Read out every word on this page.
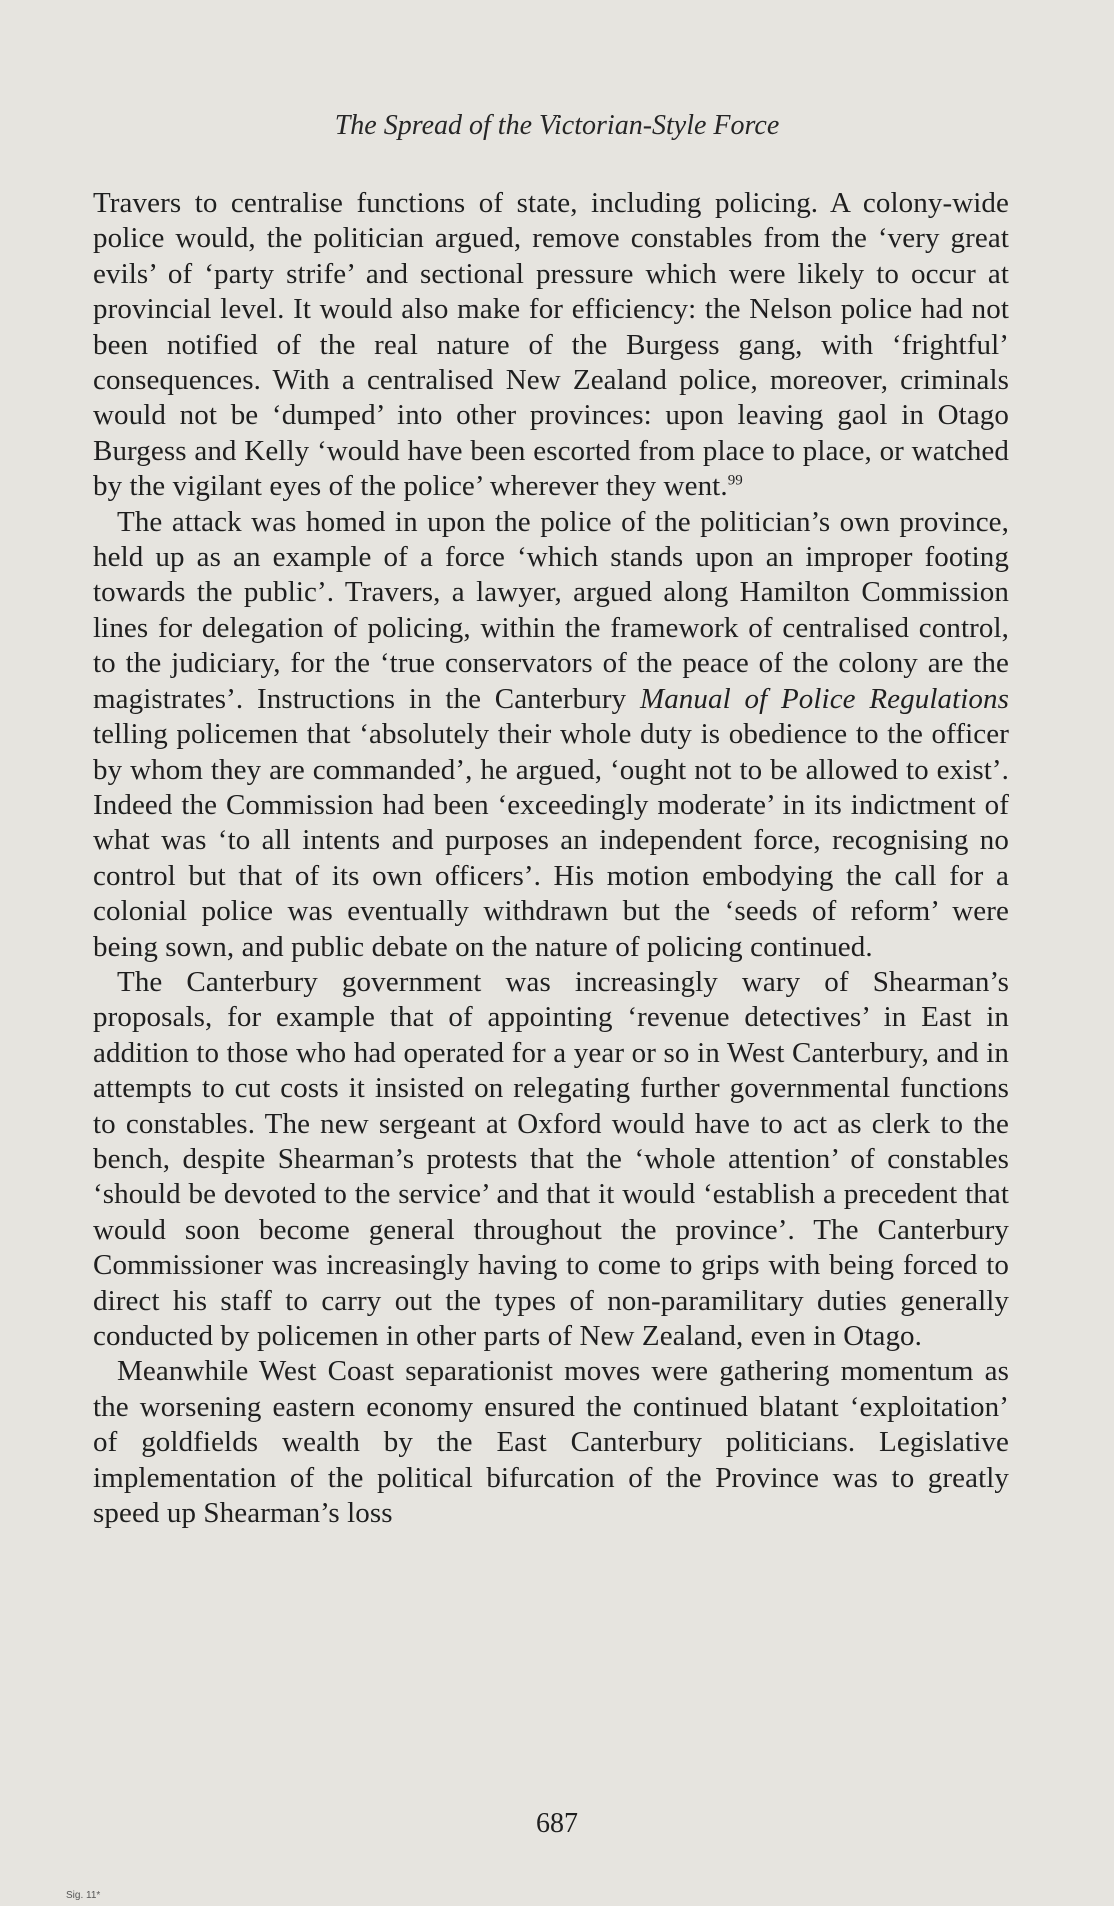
The Spread of the Victorian-Style Force

Travers to centralise functions of state, including policing. A colony-wide police would, the politician argued, remove constables from the ‘very great evils’ of ‘party strife’ and sectional pressure which were likely to occur at provincial level. It would also make for efficiency: the Nelson police had not been notified of the real nature of the Burgess gang, with ‘frightful’ consequences. With a centralised New Zealand police, moreover, criminals would not be ‘dumped’ into other provinces: upon leaving gaol in Otago Burgess and Kelly ‘would have been escorted from place to place, or watched by the vigilant eyes of the police’ wherever they went.$^{99}$

The attack was homed in upon the police of the politician’s own province, held up as an example of a force ‘which stands upon an improper footing towards the public’. Travers, a lawyer, argued along Hamilton Commission lines for delegation of policing, within the framework of centralised control, to the judiciary, for the ‘true conservators of the peace of the colony are the magistrates’. Instructions in the Canterbury Manual of Police Regulations telling policemen that ‘absolutely their whole duty is obedience to the officer by whom they are commanded’, he argued, ‘ought not to be allowed to exist’. Indeed the Commission had been ‘exceedingly moderate’ in its indictment of what was ‘to all intents and purposes an independent force, recognising no control but that of its own officers’. His motion embodying the call for a colonial police was eventually withdrawn but the ‘seeds of reform’ were being sown, and public debate on the nature of policing continued.

The Canterbury government was increasingly wary of Shearman’s proposals, for example that of appointing ‘revenue detectives’ in East in addition to those who had operated for a year or so in West Canterbury, and in attempts to cut costs it insisted on relegating further governmental functions to constables. The new sergeant at Oxford would have to act as clerk to the bench, despite Shearman’s protests that the ‘whole attention’ of constables ‘should be devoted to the service’ and that it would ‘establish a precedent that would soon become general throughout the province’. The Canterbury Commissioner was increasingly having to come to grips with being forced to direct his staff to carry out the types of non-paramilitary duties generally conducted by policemen in other parts of New Zealand, even in Otago.

Meanwhile West Coast separationist moves were gathering momentum as the worsening eastern economy ensured the continued blatant ‘exploitation’ of goldfields wealth by the East Canterbury politicians. Legislative implementation of the political bifurcation of the Province was to greatly speed up Shearman’s loss

687
Sig. 11*
